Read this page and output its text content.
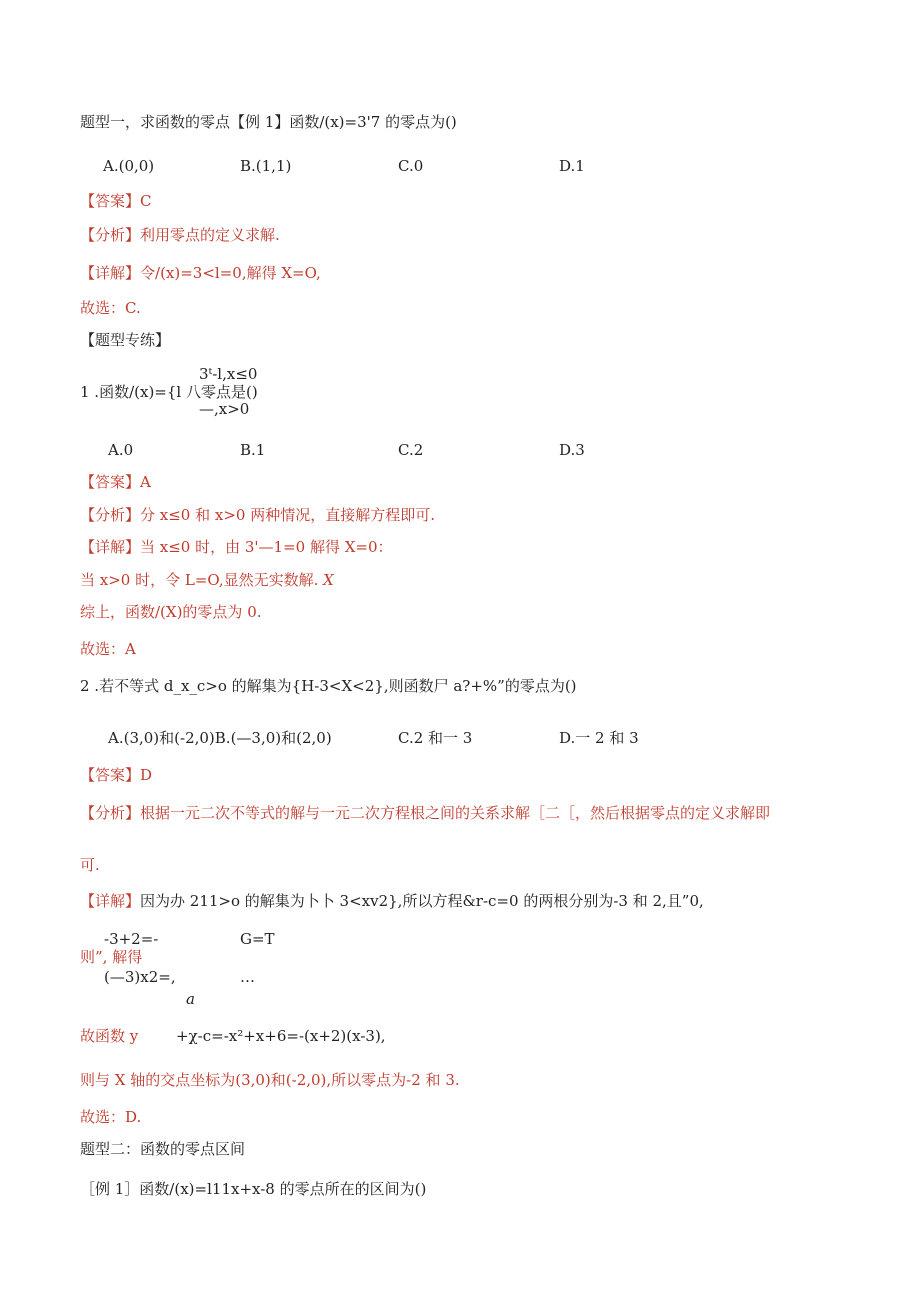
题型一，求函数的零点【例 1】函数/(x)=3'7 的零点为()
A.(0,0)	B.(1,1)	C.0	D.1
【答案】C
【分析】利用零点的定义求解.
【详解】令/(x)=3<l=0,解得 X=O,
故选：C.
【题型专练】
3ᵗ-l,x≤0
1 .函数/(x)={l 八零点是()
—,x>0
A.0	B.1	C.2	D.3
【答案】A
【分析】分 x≤0 和 x>0 两种情况，直接解方程即可.
【详解】当 x≤0 时，由 3'—1=0 解得 X=0：
当 x>0 时，令 L=O,显然无实数解. X
综上，函数/(X)的零点为 0.
故选：A
2 .若不等式 d_x_c>o 的解集为{H-3<X<2},则函数尸 a?+%”的零点为()
A.(3,0)和(-2,0)B.(—3,0)和(2,0)	C.2 和一 3	D.一 2 和 3
【答案】D
【分析】根据一元二次不等式的解与一元二次方程根之间的关系求解［二［，然后根据零点的定义求解即
可.
【详解】因为办 211>o 的解集为卜卜 3<xv2},所以方程&r-c=0 的两根分别为-3 和 2,且”0,
-3+2=-	G=T
则”, 解得
(—3)x2=,	…
a
故函数 y	+χ-c=-x²+x+6=-(x+2)(x-3),
则与 X 轴的交点坐标为(3,0)和(-2,0),所以零点为-2 和 3.
故选：D.
题型二：函数的零点区间
［例 1］函数/(x)=l11x+x-8 的零点所在的区间为()
